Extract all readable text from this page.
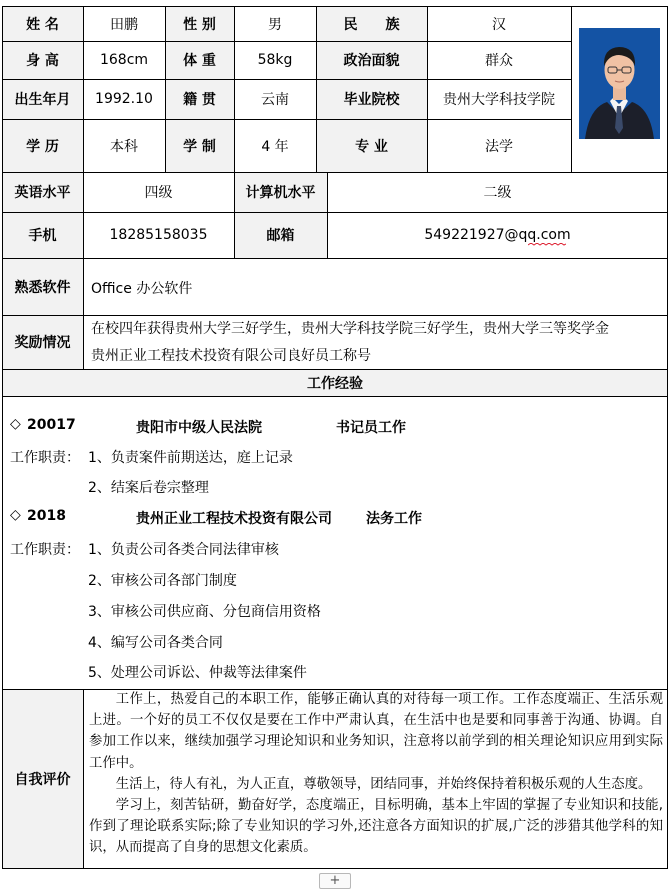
姓 名	田鹏	性 别	男	民　　族	汉
身 高	168cm	体 重	58kg	政治面貌	群众
出生年月	1992.10	籍 贯	云南	毕业院校	贵州大学科技学院
学 历	本科	学 制	4 年	专 业	法学
英语水平	四级	计算机水平	二级
手机	18285158035	邮箱	549221927@qq.com
熟悉软件	Office 办公软件
奖励情况
在校四年获得贵州大学三好学生，贵州大学科技学院三好学生，贵州大学三等奖学金
贵州正业工程技术投资有限公司良好员工称号
工作经验
◇ 20017	贵阳市中级人民法院	书记员工作
工作职责： 1、负责案件前期送达，庭上记录
2、结案后卷宗整理
◇ 2018	贵州正业工程技术投资有限公司 法务工作
工作职责： 1、负责公司各类合同法律审核
2、审核公司各部门制度
3、审核公司供应商、分包商信用资格
4、编写公司各类合同
5、处理公司诉讼、仲裁等法律案件
自我评价

工作上，热爱自己的本职工作，能够正确认真的对待每一项工作。工作态度端正、生活乐观上进。一个好的员工不仅仅是要在工作中严肃认真，在生活中也是要和同事善于沟通、协调。自参加工作以来，继续加强学习理论知识和业务知识，注意将以前学到的相关理论知识应用到实际工作中。

生活上，待人有礼，为人正直，尊敬领导，团结同事，并始终保持着积极乐观的人生态度。

学习上，刻苦钻研，勤奋好学，态度端正，目标明确，基本上牢固的掌握了专业知识和技能,作到了理论联系实际;除了专业知识的学习外,还注意各方面知识的扩展,广泛的涉猎其他学科的知识，从而提高了自身的思想文化素质。

+
